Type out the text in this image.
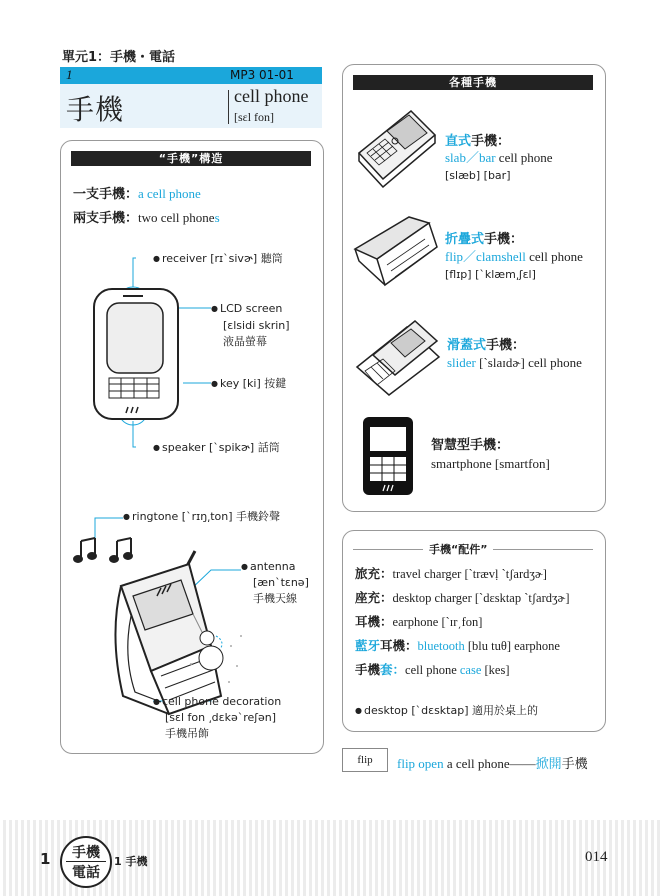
單元1：手機・電話
1	MP3 01-01
手機	cell phone
[sɛl fon]
“手機”構造
一支手機：a cell phone
兩支手機：two cell phones
● receiver [rɪˋsivɚ] 聽筒
● LCD screen
[ɛlsidi skrin]
液晶螢幕
● key [ki] 按鍵
● speaker [ˋspikɚ] 話筒
● ringtone [ˋrɪŋ͵ton] 手機鈴聲
● antenna
[ænˋtɛnə]
手機天線
● cell phone decoration
[sɛl fon ͵dɛkəˋreʃən]
手機吊飾
各種手機
直式手機：
slab／bar cell phone
[slæb] [bar]
折疊式手機：
flip／clamshell cell phone
[flɪp] [ˋklæm͵ʃɛl]
滑蓋式手機：
slider [ˋslaɪdɚ] cell phone
智慧型手機：
smartphone [smartfon]
手機“配件”
旅充：travel charger [ˋtrævḷ ˋtʃardʒɚ]
座充：desktop charger [ˋdɛsktap ˋtʃardʒɚ]
耳機：earphone [ˋɪr͵fon]
藍牙耳機：bluetooth [blu tuθ] earphone
手機套：cell phone case [kes]
● desktop [ˋdɛsktap] 適用於桌上的
flip	flip open a cell phone——掀開手機
1	手機
電話
1 手機	014
